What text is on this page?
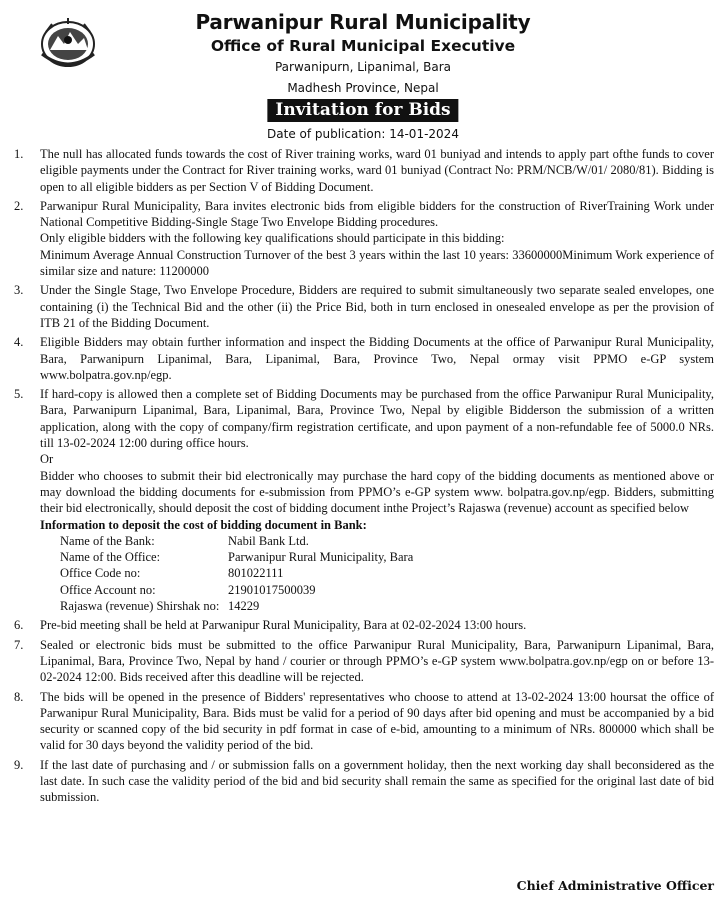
Parwanipur Rural Municipality
Office of Rural Municipal Executive
Parwanipurn, Lipanimal, Bara
Madhesh Province, Nepal
Invitation for Bids
Date of publication: 14-01-2024
1. The null has allocated funds towards the cost of River training works, ward 01 buniyad and intends to apply part ofthe funds to cover eligible payments under the Contract for River training works, ward 01 buniyad (Contract No: PRM/NCB/W/01/ 2080/81). Bidding is open to all eligible bidders as per Section V of Bidding Document.

2. Parwanipur Rural Municipality, Bara invites electronic bids from eligible bidders for the construction of RiverTraining Work under National Competitive Bidding-Single Stage Two Envelope Bidding procedures.

Only eligible bidders with the following key qualifications should participate in this bidding:

Minimum Average Annual Construction Turnover of the best 3 years within the last 10 years: 33600000Minimum Work experience of similar size and nature: 11200000

3. Under the Single Stage, Two Envelope Procedure, Bidders are required to submit simultaneously two separate sealed envelopes, one containing (i) the Technical Bid and the other (ii) the Price Bid, both in turn enclosed in onesealed envelope as per the provision of ITB 21 of the Bidding Document.

4. Eligible Bidders may obtain further information and inspect the Bidding Documents at the office of Parwanipur Rural Municipality, Bara, Parwanipurn Lipanimal, Bara, Lipanimal, Bara, Province Two, Nepal ormay visit PPMO e-GP system www.bolpatra.gov.np/egp.

5. If hard-copy is allowed then a complete set of Bidding Documents may be purchased from the office Parwanipur Rural Municipality, Bara, Parwanipurn Lipanimal, Bara, Lipanimal, Bara, Province Two, Nepal by eligible Bidderson the submission of a written application, along with the copy of company/firm registration certificate, and upon payment of a non-refundable fee of 5000.0 NRs. till 13-02-2024 12:00 during office hours.

Or

Bidder who chooses to submit their bid electronically may purchase the hard copy of the bidding documents as mentioned above or may download the bidding documents for e-submission from PPMO’s e-GP system www. bolpatra.gov.np/egp. Bidders, submitting their bid electronically, should deposit the cost of bidding document inthe Project’s Rajaswa (revenue) account as specified below

Information to deposit the cost of bidding document in Bank:

Name of the Bank:	Nabil Bank Ltd.
Name of the Office:	Parwanipur Rural Municipality, Bara
Office Code no:	801022111
Office Account no:	21901017500039
Rajaswa (revenue) Shirshak no: 14229
6. Pre-bid meeting shall be held at Parwanipur Rural Municipality, Bara at 02-02-2024 13:00 hours.

7. Sealed or electronic bids must be submitted to the office Parwanipur Rural Municipality, Bara, Parwanipurn Lipanimal, Bara, Lipanimal, Bara, Province Two, Nepal by hand / courier or through PPMO’s e-GP system www.bolpatra.gov.np/egp on or before 13-02-2024 12:00. Bids received after this deadline will be rejected.

8. The bids will be opened in the presence of Bidders' representatives who choose to attend at 13-02-2024 13:00 hoursat the office of Parwanipur Rural Municipality, Bara. Bids must be valid for a period of 90 days after bid opening and must be accompanied by a bid security or scanned copy of the bid security in pdf format in case of e-bid, amounting to a minimum of NRs. 800000 which shall be valid for 30 days beyond the validity period of the bid.

9. If the last date of purchasing and / or submission falls on a government holiday, then the next working day shall beconsidered as the last date. In such case the validity period of the bid and bid security shall remain the same as specified for the original last date of bid submission.

Chief Administrative Officer
